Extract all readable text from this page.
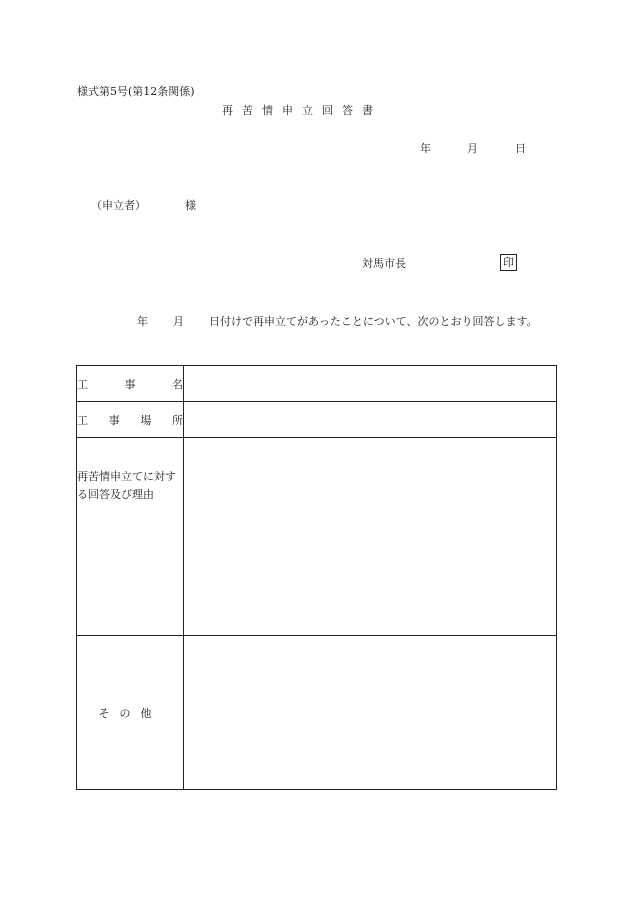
様式第5号(第12条関係)
再苦情申立回答書
年	月	日
（申立者）	様
対馬市長	印
年 月 日付けで再申立てがあったことについて、次のとおり回答します。
工 事 名	

工 事 場 所	

再苦情申立てに対する回答及び理由	
その他	
